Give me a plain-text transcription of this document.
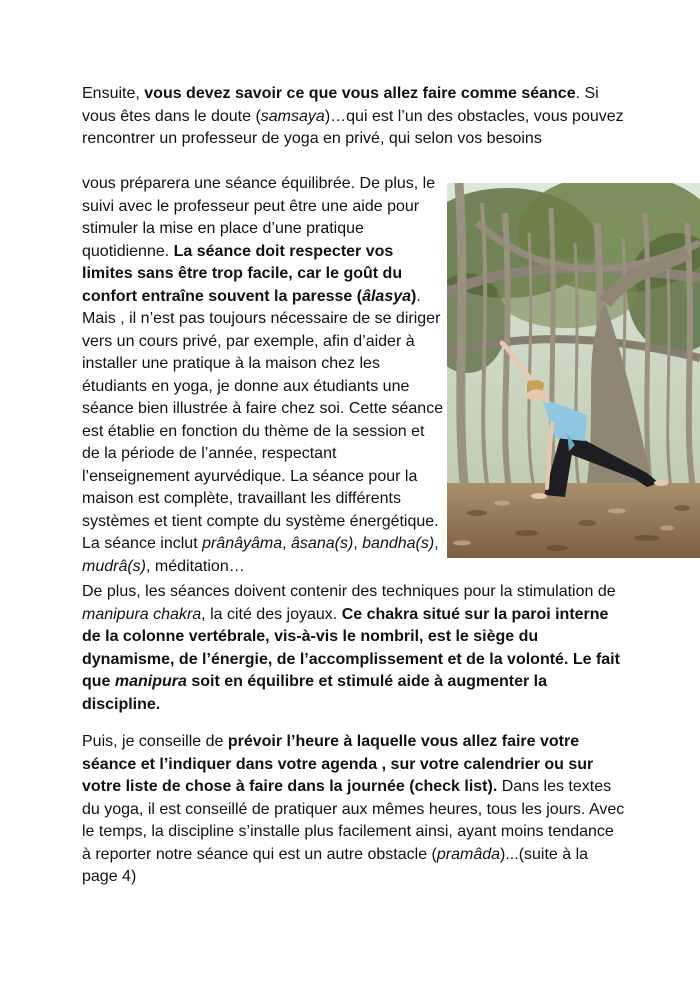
Ensuite, vous devez savoir ce que vous allez faire comme séance. Si vous êtes dans le doute (samsaya)…qui est l’un des obstacles, vous pouvez rencontrer un professeur de yoga en privé, qui selon vos besoins

vous préparera une séance équilibrée. De plus, le suivi avec le professeur peut être une aide pour stimuler la mise en place d’une pratique quotidienne. La séance doit respecter vos limites sans être trop facile, car le goût du confort entraîne souvent la paresse (âlasya). Mais , il n’est pas toujours nécessaire de se diriger vers un cours privé, par exemple, afin d’aider à installer une pratique à la maison chez les étudiants en yoga, je donne aux étudiants une séance bien illustrée à faire chez soi. Cette séance est établie en fonction du thème de la session et de la période de l’année, respectant l’enseignement ayurvédique. La séance pour la maison est complète, travaillant les différents systèmes et tient compte du système énergétique. La séance inclut prânâyâma, âsana(s), bandha(s), mudrâ(s), méditation…

De plus, les séances doivent contenir des techniques pour la stimulation de manipura chakra, la cité des joyaux. Ce chakra situé sur la paroi interne de la colonne vertébrale, vis-à-vis le nombril, est le siège du dynamisme, de l’énergie, de l’accomplissement et de la volonté. Le fait que manipura soit en équilibre et stimulé aide à augmenter la discipline.

Puis, je conseille de prévoir l’heure à laquelle vous allez faire votre séance et l’indiquer dans votre agenda , sur votre calendrier ou sur votre liste de chose à faire dans la journée (check list). Dans les textes du yoga, il est conseillé de pratiquer aux mêmes heures, tous les jours. Avec le temps, la discipline s’installe plus facilement ainsi, ayant moins tendance à reporter notre séance qui est un autre obstacle (pramâda)...(suite à la page 4)
